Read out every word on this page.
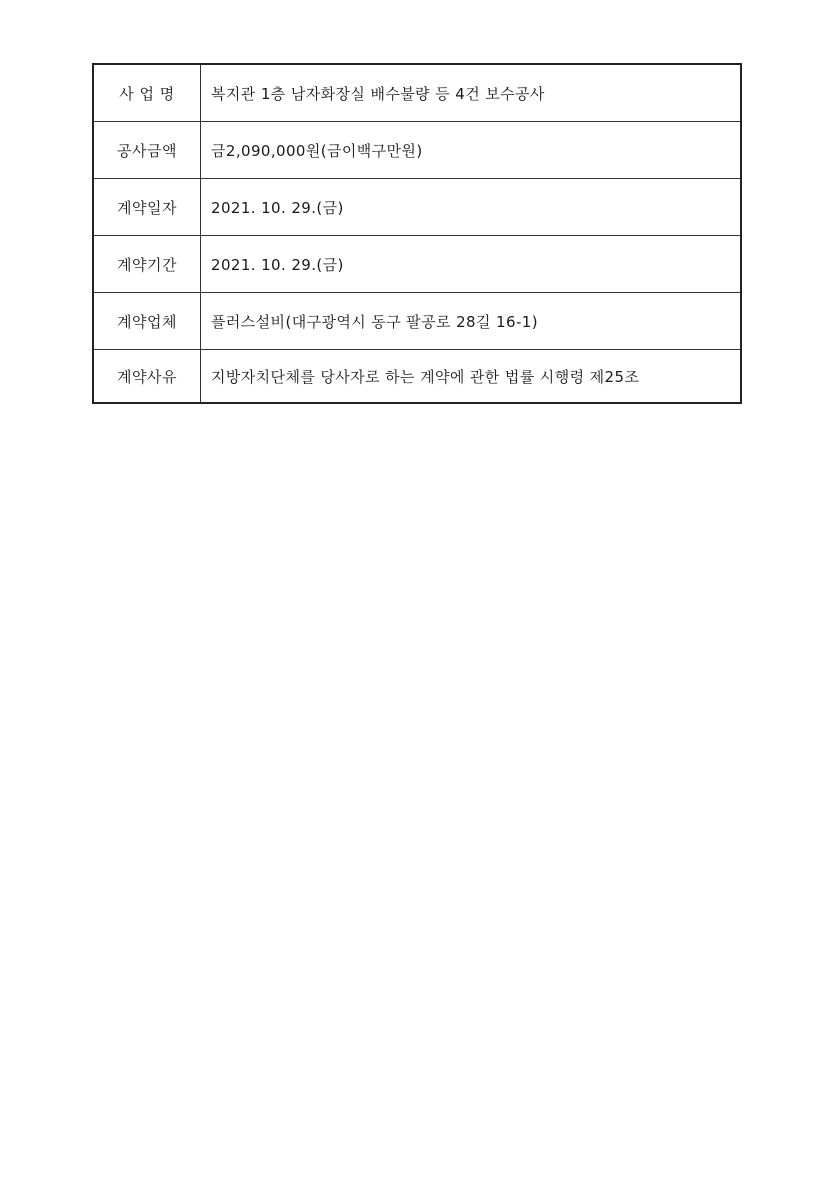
사 업 명	복지관 1층 남자화장실 배수불량 등 4건 보수공사
공사금액	금2,090,000원(금이백구만원)
계약일자	2021. 10. 29.(금)
계약기간	2021. 10. 29.(금)
계약업체	플러스설비(대구광역시 동구 팔공로 28길 16-1)
계약사유	지방자치단체를 당사자로 하는 계약에 관한 법률 시행령 제25조
